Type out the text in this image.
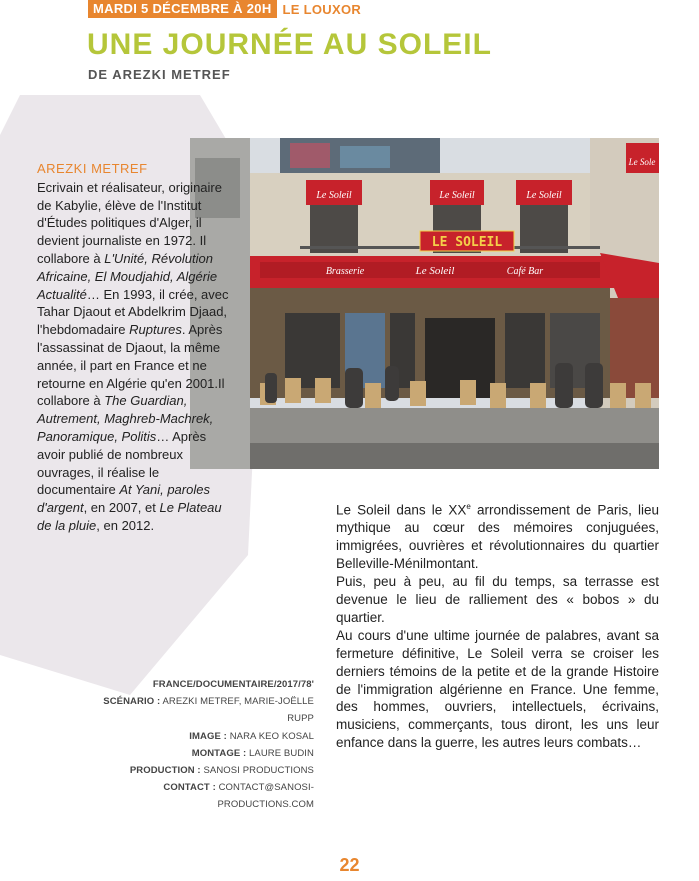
MARDI 5 DÉCEMBRE À 20H LE LOUXOR
UNE JOURNÉE AU SOLEIL
DE AREZKI METREF
Le Soleil	Le Soleil	Le Soleil
Le Sole
LE SOLEIL
Brasserie	Le Soleil	Café Bar
AREZKI METREF
Ecrivain et réalisateur, originaire de Kabylie, élève de l'Institut d'Études politiques d'Alger, il devient journaliste en 1972. Il collabore à L'Unité, Révolution Africaine, El Moudjahid, Algérie Actualité… En 1993, il crée, avec Tahar Djaout et Abdelkrim Djaad, l'hebdomadaire Ruptures. Après l'assassinat de Djaout, la même année, il part en France et ne retourne en Algérie qu'en 2001.Il collabore à The Guardian, Autrement, Maghreb-Machrek, Panoramique, Politis… Après avoir publié de nombreux ouvrages, il réalise le documentaire At Yani, paroles d'argent, en 2007, et Le Plateau de la pluie, en 2012.
FRANCE/DOCUMENTAIRE/2017/78'
SCÉNARIO : AREZKI METREF, MARIE-JOËLLE RUPP
IMAGE : NARA KEO KOSAL
MONTAGE : LAURE BUDIN
PRODUCTION : SANOSI PRODUCTIONS
CONTACT : CONTACT@SANOSI-PRODUCTIONS.COM

Le Soleil dans le XXe arrondissement de Paris, lieu mythique au cœur des mémoires conjuguées, immigrées, ouvrières et révolutionnaires du quartier Belleville-Ménilmontant.

Puis, peu à peu, au fil du temps, sa terrasse est devenue le lieu de ralliement des « bobos » du quartier.

Au cours d'une ultime journée de palabres, avant sa fermeture définitive, Le Soleil verra se croiser les derniers témoins de la petite et de la grande Histoire de l'immigration algérienne en France. Une femme, des hommes, ouvriers, intellectuels, écrivains, musiciens, commerçants, tous diront, les uns leur enfance dans la guerre, les autres leurs combats…

22
